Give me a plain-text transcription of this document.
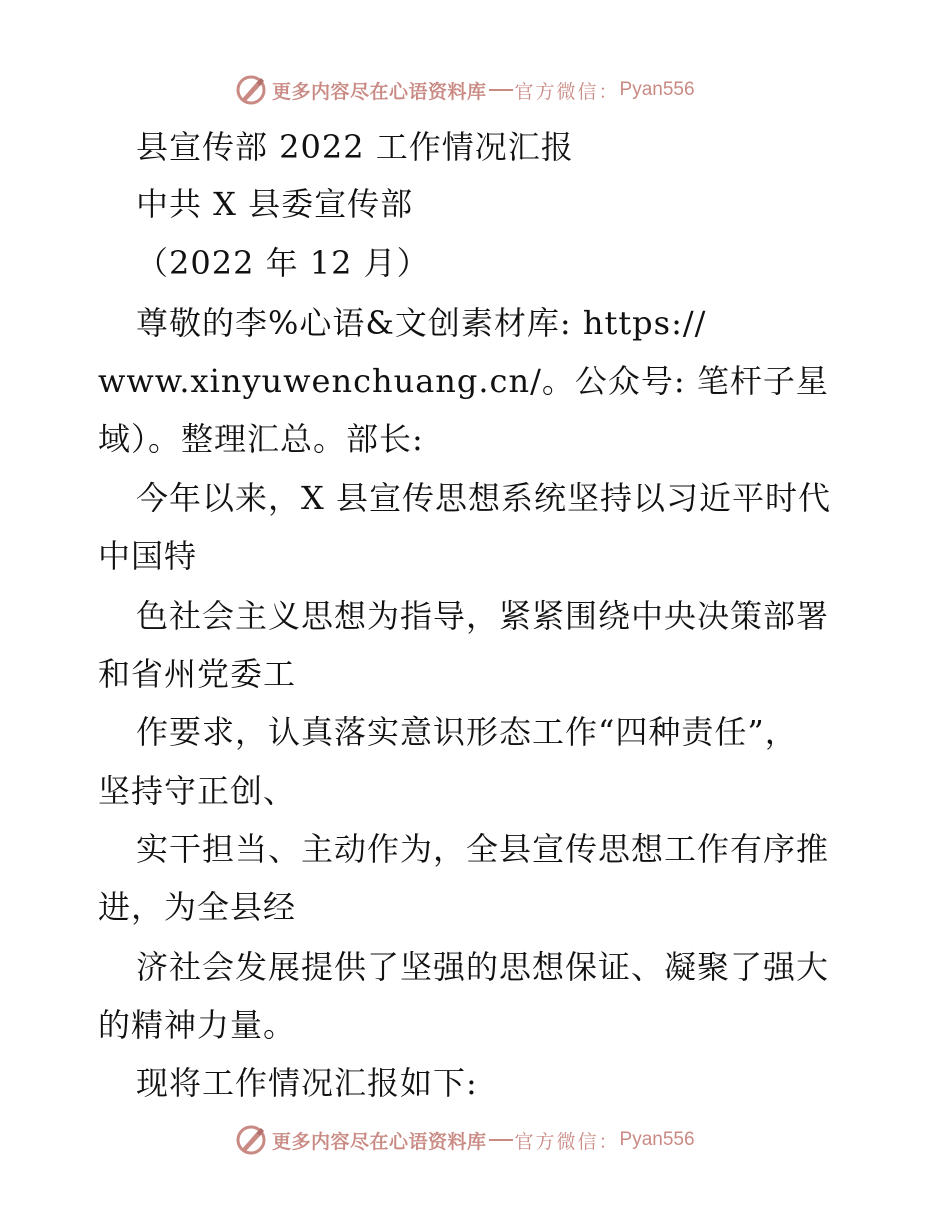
更多内容尽在心语资料库 官方微信： Pyan556
县宣传部 2022 工作情况汇报
中共 X 县委宣传部
（2022 年 12 月）
尊敬的李%心语&文创素材库: https://
www.xinyuwenchuang.cn/。公众号: 笔杆子星
域）。整理汇总。部长:
今年以来，X 县宣传思想系统坚持以习近平时代
中国特
色社会主义思想为指导，紧紧围绕中央决策部署
和省州党委工
作要求，认真落实意识形态工作“四种责任”，
坚持守正创、
实干担当、主动作为，全县宣传思想工作有序推
进，为全县经
济社会发展提供了坚强的思想保证、凝聚了强大
的精神力量。
现将工作情况汇报如下:
更多内容尽在心语资料库 官方微信： Pyan556
